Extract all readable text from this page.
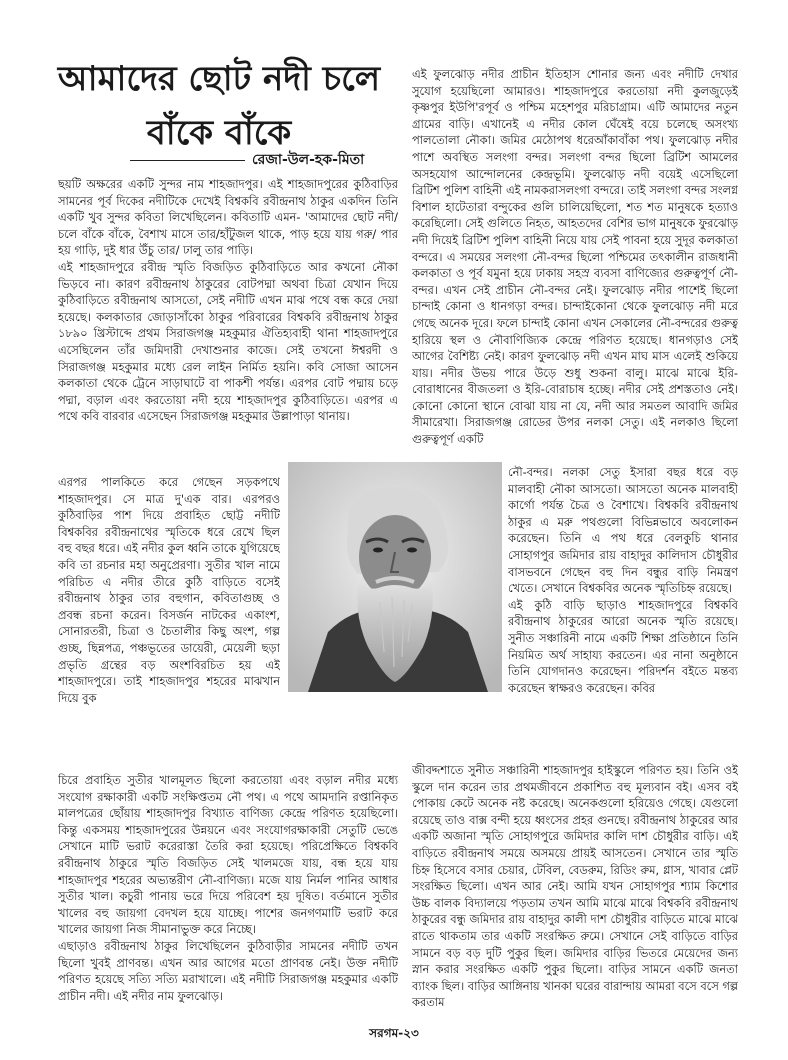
আমাদের ছোট নদী চলে
বাঁকে বাঁকে
রেজা-উল-হক-মিতা
ছয়টি অক্ষরের একটি সুন্দর নাম শাহজাদপুর। এই শাহজাদপুরের কুঠিবাড়ির সামনের পূর্ব দিকের নদীটিকে দেখেই বিশ্বকবি রবীন্দ্রনাথ ঠাকুর একদিন তিনি একটি খুব সুন্দর কবিতা লিখেছিলেন। কবিতাটি এমন- 'আমাদের ছোট নদী/চলে বাঁকে বাঁকে, বৈশাখ মাসে তার/হাঁটুজল থাকে, পাড় হয়ে যায় গরু/ পার হয় গাড়ি, দুই ধার উঁচু তার/ ঢালু তার পাড়ি।
এই শাহজাদপুরে রবীন্দ্র স্মৃতি বিজড়িত কুঠিবাড়িতে আর কখনো নৌকা ভিড়বে না। কারণ রবীন্দ্রনাথ ঠাকুরের বোটপদ্মা অথবা চিত্রা যেখান দিয়ে কুঠিবাড়িতে রবীন্দ্রনাথ আসতো, সেই নদীটি এখন মাঝ পথে বন্ধ করে দেয়া হয়েছে। কলকাতার জোড়াসাঁকো ঠাকুর পরিবারের বিশ্বকবি রবীন্দ্রনাথ ঠাকুর ১৮৯০ খ্রিস্টাব্দে প্রথম সিরাজগঞ্জ মহকুমার ঐতিহ্যবাহী থানা শাহজাদপুরে এসেছিলেন তাঁর জমিদারী দেখাশুনার কাজে। সেই তখনো ঈশ্বরদী ও সিরাজগঞ্জ মহকুমার মধ্যে রেল লাইন নির্মিত হয়নি। কবি সোজা আসেন কলকাতা থেকে ট্রেনে সাড়াঘাটে বা পাকশী পর্যন্ত। এরপর বোট পদ্মায় চড়ে পদ্মা, বড়াল এবং করতোয়া নদী হয়ে শাহজাদপুর কুঠিবাড়িতে। এরপর এ পথে কবি বারবার এসেছেন সিরাজগঞ্জ মহকুমার উল্লাপাড়া থানায়।
এরপর পালকিতে করে গেছেন সড়কপথে শাহজাদপুর। সে মাত্র দু'এক বার। এরপরও কুঠিবাড়ির পাশ দিয়ে প্রবাহিত ছোট্ট নদীটি বিশ্বকবির রবীন্দ্রনাথের স্মৃতিকে ধরে রেখে ছিল বহু বছর ধরে। এই নদীর কুল ধ্বনি তাকে যুগিয়েছে কবি তা রচনার মহা অনুপ্রেরণা। সুতীর খাল নামে পরিচিত এ নদীর তীরে কুঠি বাড়িতে বসেই রবীন্দ্রনাথ ঠাকুর তার বহুগান, কবিতাগুচ্ছ ও প্রবন্ধ রচনা করেন। বিসর্জন নাটকের একাংশ, সোনারতরী, চিত্রা ও চৈতালীর কিছু অংশ, গল্প গুচ্ছ, ছিন্নপত্র, পঞ্চভূতের ডায়েরী, মেয়েলী ছড়া প্রভৃতি গ্রন্থের বড় অংশবিরচিত হয় এই শাহজাদপুরে। তাই শাহজাদপুর শহরের মাঝখান দিয়ে বুক
চিরে প্রবাহিত সুতীর খালমূলত ছিলো করতোয়া এবং বড়াল নদীর মধ্যে সংযোগ রক্ষাকারী একটি সংক্ষিপ্ততম নৌ পথ। এ পথে আমদানি রপ্তানিকৃত মালপত্রের ছোঁয়ায় শাহজাদপুর বিখ্যাত বাণিজ্য কেন্দ্রে পরিণত হয়েছিলো। কিন্তু একসময় শাহজাদপুরের উন্নয়নে এবং সংযোগরক্ষাকারী সেতুটি ভেঙে সেখানে মাটি ভরাট করেরাস্তা তৈরি করা হয়েছে। পরিপ্রেক্ষিতে বিশ্বকবি রবীন্দ্রনাথ ঠাকুরে স্মৃতি বিজড়িত সেই খালমজে যায়, বন্ধ হয়ে যায় শাহজাদপুর শহরের অভ্যন্তরীণ নৌ-বাণিজ্য। মজে যায় নির্মল পানির আধার সুতীর খাল। কচুরী পানায় ভরে দিয়ে পরিবেশ হয় দূষিত। বর্তমানে সুতীর খালের বহু জায়গা বেদখল হয়ে যাচ্ছে। পাশের জনগণমাটি ভরাট করে খালের জায়গা নিজ সীমানাভুক্ত করে নিচ্ছে।
এছাড়াও রবীন্দ্রনাথ ঠাকুর লিখেছিলেন কুঠিবাড়ীর সামনের নদীটি তখন ছিলো খুবই প্রাণবন্ত। এখন আর আগের মতো প্রাণবন্ত নেই। উক্ত নদীটি পরিণত হয়েছে সত্যি সত্যি মরাখালে। এই নদীটি সিরাজগঞ্জ মহকুমার একটি প্রাচীন নদী। এই নদীর নাম ফুলঝোড়।
এই ফুলঝোড় নদীর প্রাচীন ইতিহাস শোনার জন্য এবং নদীটি দেখার সুযোগ হয়েছিলো আমারও। শাহজাদপুরে করতোয়া নদী কুলজুড়েই কৃষ্ণপুর ইউপি'রপূর্ব ও পশ্চিম মহেশপুর মরিচাগ্রাম। এটি আমাদের নতুন গ্রামের বাড়ি। এখানেই এ নদীর কোল ঘেঁষেই বয়ে চলেছে অসংখ্য পালতোলা নৌকা। জমির মেঠোপথ ধরেআঁকাবাঁকা পথ। ফুলঝোড় নদীর পাশে অবস্থিত সলংগা বন্দর। সলংগা বন্দর ছিলো ব্রিটিশ আমলের অসহযোগ আন্দোলনের কেন্দ্রভূমি। ফুলঝোড় নদী বয়েই এসেছিলো ব্রিটিশ পুলিশ বাহিনী এই নামকরাসলংগা বন্দরে। তাই সলংগা বন্দর সংলগ্ন বিশাল হাটেতারা বন্দুকের গুলি চালিয়েছিলো, শত শত মানুষকে হত্যাও করেছিলো। সেই গুলিতে নিহত, আহতদের বেশির ভাগ মানুষকে ফুরঝোড় নদী দিয়েই ব্রিটিশ পুলিশ বাহিনী নিয়ে যায় সেই পাবনা হয়ে সুদূর কলকাতা বন্দরে। এ সময়ের সলংগা নৌ-বন্দর ছিলো পশ্চিমের তৎকালীন রাজধানী কলকাতা ও পূর্ব যমুনা হয়ে ঢাকায় সহস্র ব্যবসা বাণিজ্যের গুরুত্বপূর্ণ নৌ-বন্দর। এখন সেই প্রাচীন নৌ-বন্দর নেই। ফুলঝোড় নদীর পাশেই ছিলো চান্দাই কোনা ও ধানগড়া বন্দর। চান্দাইকোনা থেকে ফুলঝোড় নদী মরে গেছে অনেক দূরে। ফলে চান্দাই কোনা এখন সেকালের নৌ-বন্দরের গুরুত্ব হারিয়ে স্থল ও নৌবাণিজ্যিক কেন্দ্রে পরিণত হয়েছে। ধানগড়াও সেই আগের বৈশিষ্ট্য নেই। কারণ ফুলঝোড় নদী এখন মাঘ মাস এলেই শুকিয়ে যায়। নদীর উভয় পারে উড়ে শুধু শুকনা বালু। মাঝে মাঝে ইরি-বোরাধানের বীজতলা ও ইরি-বোরাচাষ হচ্ছে। নদীর সেই প্রশস্ততাও নেই। কোনো কোনো স্থানে বোঝা যায় না যে, নদী আর সমতল আবাদি জমির সীমারেখা। সিরাজগঞ্জ রোডের উপর নলকা সেতু। এই নলকাও ছিলো গুরুত্বপূর্ণ একটি
নৌ-বন্দর। নলকা সেতু ইসারা বছর ধরে বড় মালবাহী নৌকা আসতো। আসতো অনেক মালবাহী কার্গো পর্যন্ত চৈত্র ও বৈশাখে। বিশ্বকবি রবীন্দ্রনাথ ঠাকুর এ মরু পথগুলো বিভিন্নভাবে অবলোকন করেছেন। তিনি এ পথ ধরে বেলকুচি থানার সোহাগপুর জমিদার রায় বাহাদুর কালিদাস চৌধুরীর বাসভবনে গেছেন বহু দিন বন্ধুর বাড়ি নিমন্ত্রণ খেতে। সেখানে বিশ্বকবির অনেক স্মৃতিচিহ্ন রয়েছে।
এই কুঠি বাড়ি ছাড়াও শাহজাদপুরে বিশ্বকবি রবীন্দ্রনাথ ঠাকুরের আরো অনেক স্মৃতি রয়েছে। সুনীত সঞ্চারিনী নামে একটি শিক্ষা প্রতিষ্ঠানে তিনি নিয়মিত অর্থ সাহায্য করতেন। এর নানা অনুষ্ঠানে তিনি যোগদানও করেছেন। পরিদর্শন বইতে মন্তব্য করেছেন স্বাক্ষরও করেছেন। কবির
জীবদ্দশাতে সুনীত সঞ্চারিনী শাহজাদপুর হাইস্কুলে পরিণত হয়। তিনি ওই স্কুলে দান করেন তার প্রথমজীবনে প্রকাশিত বহু মূল্যবান বই। এসব বই পোকায় কেটে অনেক নষ্ট করেছে। অনেকগুলো হরিয়েও গেছে। যেগুলো রয়েছে তাও বাক্স বন্দী হয়ে ধ্বংসের প্রহর গুনছে। রবীন্দ্রনাথ ঠাকুরের আর একটি অজানা স্মৃতি সোহাগপুরে জমিদার কালি দাশ চৌধুরীর বাড়ি। এই বাড়িতে রবীন্দ্রনাথ সময়ে অসময়ে প্রায়ই আসতেন। সেখানে তার স্মৃতি চিহ্ন হিসেবে বসার চেয়ার, টেবিল, বেডরুম, রিডিং রুম, গ্লাস, খাবার প্লেট সংরক্ষিত ছিলো। এখন আর নেই। আমি যখন সোহাগপুর শ্যাম কিশোর উচ্চ বালক বিদ্যালয়ে পড়তাম তখন আমি মাঝে মাঝে বিশ্বকবি রবীন্দ্রনাথ ঠাকুরের বন্ধু জমিদার রায় বাহাদুর কালী দাশ চৌধুরীর বাড়িতে মাঝে মাঝে রাতে থাকতাম তার একটি সংরক্ষিত রুমে। সেখানে সেই বাড়িতে বাড়ির সামনে বড় বড় দুটি পুকুর ছিল। জমিদার বাড়ির ভিতরে মেয়েদের জন্য স্নান করার সংরক্ষিত একটি পুকুর ছিলো। বাড়ির সামনে একটি জনতা ব্যাংক ছিল। বাড়ির আঙ্গিনায় খানকা ঘরের বারান্দায় আমরা বসে বসে গল্প করতাম
সরগম-২৩
